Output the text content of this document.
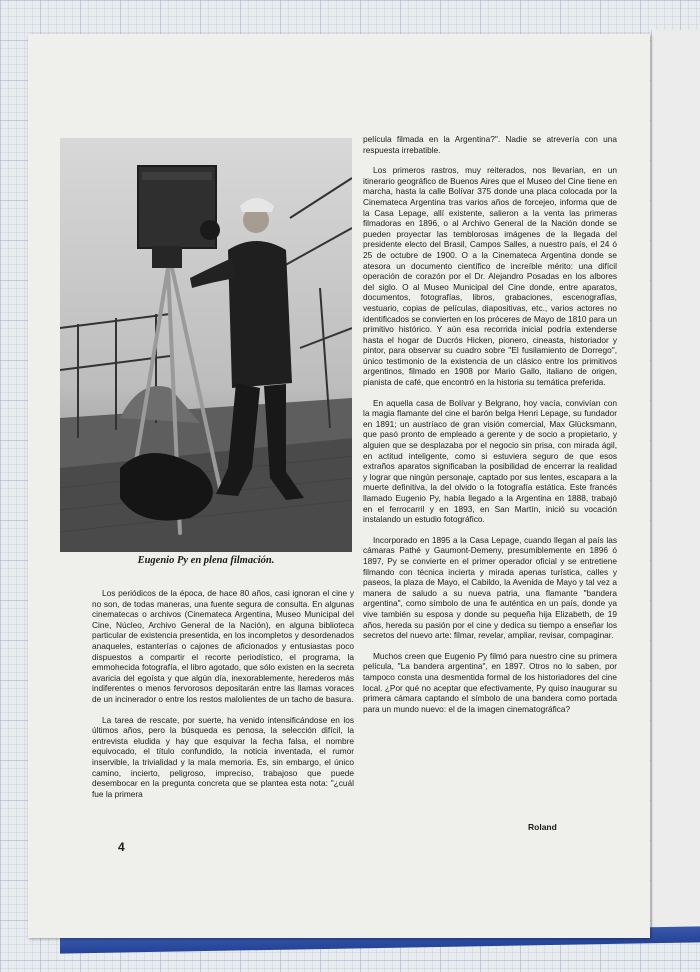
Eugenio Py en plena filmación.

película filmada en la Argentina?". Nadie se atrevería con una respuesta irrebatible.

Los primeros rastros, muy reiterados, nos llevarían, en un itinerario geográfico de Buenos Aires que el Museo del Cine tiene en marcha, hasta la calle Bolívar 375 donde una placa colocada por la Cinemateca Argentina tras varios años de forcejeo, informa que de la Casa Lepage, allí existente, salieron a la venta las primeras filmadoras en 1896, o al Archivo General de la Nación donde se pueden proyectar las temblorosas imágenes de la llegada del presidente electo del Brasil, Campos Salles, a nuestro país, el 24 ó 25 de octubre de 1900. O a la Cinemateca Argentina donde se atesora un documento científico de increíble mérito: una difícil operación de corazón por el Dr. Alejandro Posadas en los albores del siglo. O al Museo Municipal del Cine donde, entre aparatos, documentos, fotografías, libros, grabaciones, escenografías, vestuario, copias de películas, diapositivas, etc., varios actores no identificados se convierten en los próceres de Mayo de 1810 para un primitivo histórico. Y aún esa recorrida inicial podría extenderse hasta el hogar de Ducrós Hicken, pionero, cineasta, historiador y pintor, para observar su cuadro sobre "El fusilamiento de Dorrego", único testimonio de la existencia de un clásico entre los primitivos argentinos, filmado en 1908 por Mario Gallo, italiano de origen, pianista de café, que encontró en la historia su temática preferida.

En aquella casa de Bolívar y Belgrano, hoy vacía, convivían con la magia flamante del cine el barón belga Henri Lepage, su fundador en 1891; un austríaco de gran visión comercial, Max Glücksmann, que pasó pronto de empleado a gerente y de socio a propietario, y alguien que se desplazaba por el negocio sin prisa, con mirada ágil, en actitud inteligente, como si estuviera seguro de que esos extraños aparatos significaban la posibilidad de encerrar la realidad y lograr que ningún personaje, captado por sus lentes, escapara a la muerte definitiva, la del olvido o la fotografía estática. Este francés llamado Eugenio Py, había llegado a la Argentina en 1888, trabajó en el ferrocarril y en 1893, en San Martín, inició su vocación instalando un estudio fotográfico.

Incorporado en 1895 a la Casa Lepage, cuando llegan al país las cámaras Pathé y Gaumont-Demeny, presumiblemente en 1896 ó 1897, Py se convierte en el primer operador oficial y se entretiene filmando con técnica incierta y mirada apenas turística, calles y paseos, la plaza de Mayo, el Cabildo, la Avenida de Mayo y tal vez a manera de saludo a su nueva patria, una flamante "bandera argentina", como símbolo de una fe auténtica en un país, donde ya vive también su esposa y donde su pequeña hija Elizabeth, de 19 años, hereda su pasión por el cine y dedica su tiempo a enseñar los secretos del nuevo arte: filmar, revelar, ampliar, revisar, compaginar.

Muchos creen que Eugenio Py filmó para nuestro cine su primera película, "La bandera argentina", en 1897. Otros no lo saben, por tampoco consta una desmentida formal de los historiadores del cine local. ¿Por qué no aceptar que efectivamente, Py quiso inaugurar su primera cámara captando el símbolo de una bandera como portada para un mundo nuevo: el de la imagen cinematográfica?

Los periódicos de la época, de hace 80 años, casi ignoran el cine y no son, de todas maneras, una fuente segura de consulta. En algunas cinematecas o archivos (Cinemateca Argentina, Museo Municipal del Cine, Núcleo, Archivo General de la Nación), en alguna biblioteca particular de existencia presentida, en los incompletos y desordenados anaqueles, estanterías o cajones de aficionados y entusiastas poco dispuestos a compartir el recorte periodístico, el programa, la emmohecida fotografía, el libro agotado, que sólo existen en la secreta avaricia del egoísta y que algún día, inexorablemente, herederos más indiferentes o menos fervorosos depositarán entre las llamas voraces de un incinerador o entre los restos malolientes de un tacho de basura.

La tarea de rescate, por suerte, ha venido intensificándose en los últimos años, pero la búsqueda es penosa, la selección difícil, la entrevista eludida y hay que esquivar la fecha falsa, el nombre equivocado, el título confundido, la noticia inventada, el rumor inservible, la trivialidad y la mala memoria. Es, sin embargo, el único camino, incierto, peligroso, impreciso, trabajoso que puede desembocar en la pregunta concreta que se plantea esta nota: "¿cuál fue la primera

Roland
4
